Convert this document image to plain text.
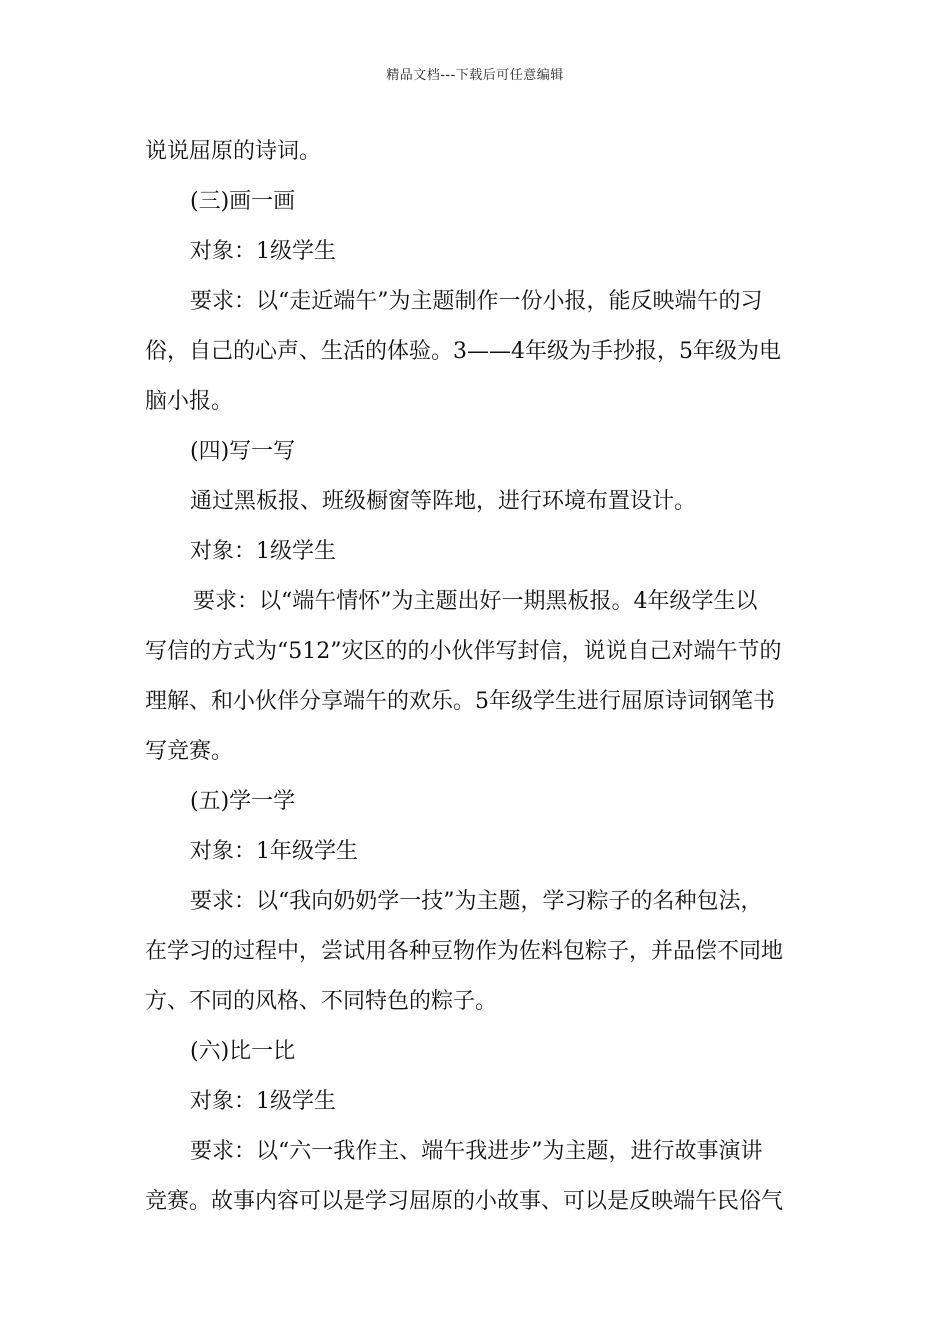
精品文档---下载后可任意编辑

说说屈原的诗词。

(三)画一画

对象：1级学生

要求：以“走近端午”为主题制作一份小报，能反映端午的习

俗，自己的心声、生活的体验。3——4年级为手抄报，5年级为电

脑小报。

(四)写一写

通过黑板报、班级橱窗等阵地，进行环境布置设计。

对象：1级学生

要求：以“端午情怀”为主题出好一期黑板报。4年级学生以

写信的方式为“512”灾区的的小伙伴写封信，说说自己对端午节的

理解、和小伙伴分享端午的欢乐。5年级学生进行屈原诗词钢笔书

写竞赛。

(五)学一学

对象：1年级学生

要求：以“我向奶奶学一技”为主题，学习粽子的名种包法，

在学习的过程中，尝试用各种豆物作为佐料包粽子，并品偿不同地

方、不同的风格、不同特色的粽子。

(六)比一比

对象：1级学生

要求：以“六一我作主、端午我进步”为主题，进行故事演讲

竞赛。故事内容可以是学习屈原的小故事、可以是反映端午民俗气
